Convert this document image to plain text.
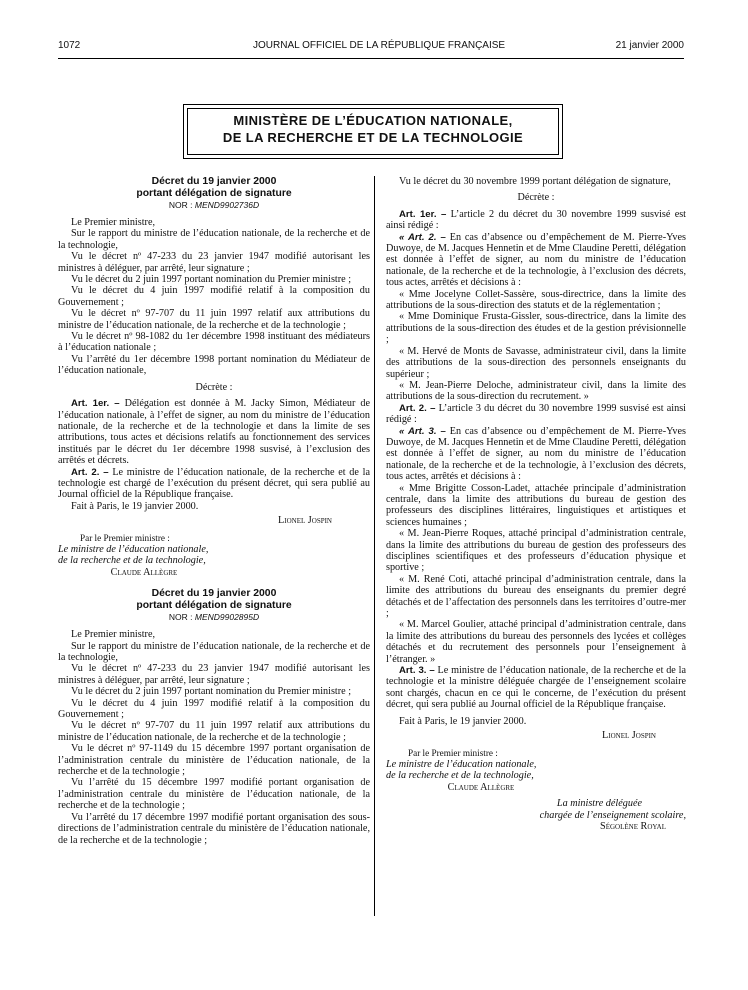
1072	JOURNAL OFFICIEL DE LA RÉPUBLIQUE FRANÇAISE	21 janvier 2000
MINISTÈRE DE L’ÉDUCATION NATIONALE,
DE LA RECHERCHE ET DE LA TECHNOLOGIE
Décret du 19 janvier 2000
portant délégation de signature
NOR : MEND9902736D

Le Premier ministre,

Sur le rapport du ministre de l’éducation nationale, de la recherche et de la technologie,

Vu le décret nº 47-233 du 23 janvier 1947 modifié autorisant les ministres à déléguer, par arrêté, leur signature ;

Vu le décret du 2 juin 1997 portant nomination du Premier ministre ;

Vu le décret du 4 juin 1997 modifié relatif à la composition du Gouvernement ;

Vu le décret nº 97-707 du 11 juin 1997 relatif aux attributions du ministre de l’éducation nationale, de la recherche et de la technologie ;

Vu le décret nº 98-1082 du 1er décembre 1998 instituant des médiateurs à l’éducation nationale ;

Vu l’arrêté du 1er décembre 1998 portant nomination du Médiateur de l’éducation nationale,

Décrète :

Art. 1er. – Délégation est donnée à M. Jacky Simon, Médiateur de l’éducation nationale, à l’effet de signer, au nom du ministre de l’éducation nationale, de la recherche et de la technologie et dans la limite de ses attributions, tous actes et décisions relatifs au fonctionnement des services institués par le décret du 1er décembre 1998 susvisé, à l’exclusion des arrêtés et décrets.

Art. 2. – Le ministre de l’éducation nationale, de la recherche et de la technologie est chargé de l’exécution du présent décret, qui sera publié au Journal officiel de la République française.

Fait à Paris, le 19 janvier 2000.

Lionel Jospin

Par le Premier ministre :

Le ministre de l’éducation nationale,

de la recherche et de la technologie,

Claude Allègre

Décret du 19 janvier 2000
portant délégation de signature
NOR : MEND9902895D

Le Premier ministre,

Sur le rapport du ministre de l’éducation nationale, de la recherche et de la technologie,

Vu le décret nº 47-233 du 23 janvier 1947 modifié autorisant les ministres à déléguer, par arrêté, leur signature ;

Vu le décret du 2 juin 1997 portant nomination du Premier ministre ;

Vu le décret du 4 juin 1997 modifié relatif à la composition du Gouvernement ;

Vu le décret nº 97-707 du 11 juin 1997 relatif aux attributions du ministre de l’éducation nationale, de la recherche et de la technologie ;

Vu le décret nº 97-1149 du 15 décembre 1997 portant organisation de l’administration centrale du ministère de l’éducation nationale, de la recherche et de la technologie ;

Vu l’arrêté du 15 décembre 1997 modifié portant organisation de l’administration centrale du ministère de l’éducation nationale, de la recherche et de la technologie ;

Vu l’arrêté du 17 décembre 1997 modifié portant organisation des sous-directions de l’administration centrale du ministère de l’éducation nationale, de la recherche et de la technologie ;

Vu le décret du 30 novembre 1999 portant délégation de signature,

Décrète :

Art. 1er. – L’article 2 du décret du 30 novembre 1999 susvisé est ainsi rédigé :

« Art. 2. – En cas d’absence ou d’empêchement de M. Pierre-Yves Duwoye, de M. Jacques Hennetin et de Mme Claudine Peretti, délégation est donnée à l’effet de signer, au nom du ministre de l’éducation nationale, de la recherche et de la technologie, à l’exclusion des décrets, tous actes, arrêtés et décisions à :

« Mme Jocelyne Collet-Sassère, sous-directrice, dans la limite des attributions de la sous-direction des statuts et de la réglementation ;

« Mme Dominique Frusta-Gissler, sous-directrice, dans la limite des attributions de la sous-direction des études et de la gestion prévisionnelle ;

« M. Hervé de Monts de Savasse, administrateur civil, dans la limite des attributions de la sous-direction des personnels enseignants du supérieur ;

« M. Jean-Pierre Deloche, administrateur civil, dans la limite des attributions de la sous-direction du recrutement. »

Art. 2. – L’article 3 du décret du 30 novembre 1999 susvisé est ainsi rédigé :

« Art. 3. – En cas d’absence ou d’empêchement de M. Pierre-Yves Duwoye, de M. Jacques Hennetin et de Mme Claudine Peretti, délégation est donnée à l’effet de signer, au nom du ministre de l’éducation nationale, de la recherche et de la technologie, à l’exclusion des décrets, tous actes, arrêtés et décisions à :

« Mme Brigitte Cosson-Ladet, attachée principale d’administration centrale, dans la limite des attributions du bureau de gestion des professeurs des disciplines littéraires, linguistiques et artistiques et sciences humaines ;

« M. Jean-Pierre Roques, attaché principal d’administration centrale, dans la limite des attributions du bureau de gestion des professeurs des disciplines scientifiques et des professeurs d’éducation physique et sportive ;

« M. René Coti, attaché principal d’administration centrale, dans la limite des attributions du bureau des enseignants du premier degré détachés et de l’affectation des personnels dans les territoires d’outre-mer ;

« M. Marcel Goulier, attaché principal d’administration centrale, dans la limite des attributions du bureau des personnels des lycées et collèges détachés et du recrutement des personnels pour l’enseignement à l’étranger. »

Art. 3. – Le ministre de l’éducation nationale, de la recherche et de la technologie et la ministre déléguée chargée de l’enseignement scolaire sont chargés, chacun en ce qui le concerne, de l’exécution du présent décret, qui sera publié au Journal officiel de la République française.

Fait à Paris, le 19 janvier 2000.

Lionel Jospin

Par le Premier ministre :

Le ministre de l’éducation nationale,

de la recherche et de la technologie,

Claude Allègre

La ministre déléguée

chargée de l’enseignement scolaire,

Ségolène Royal
